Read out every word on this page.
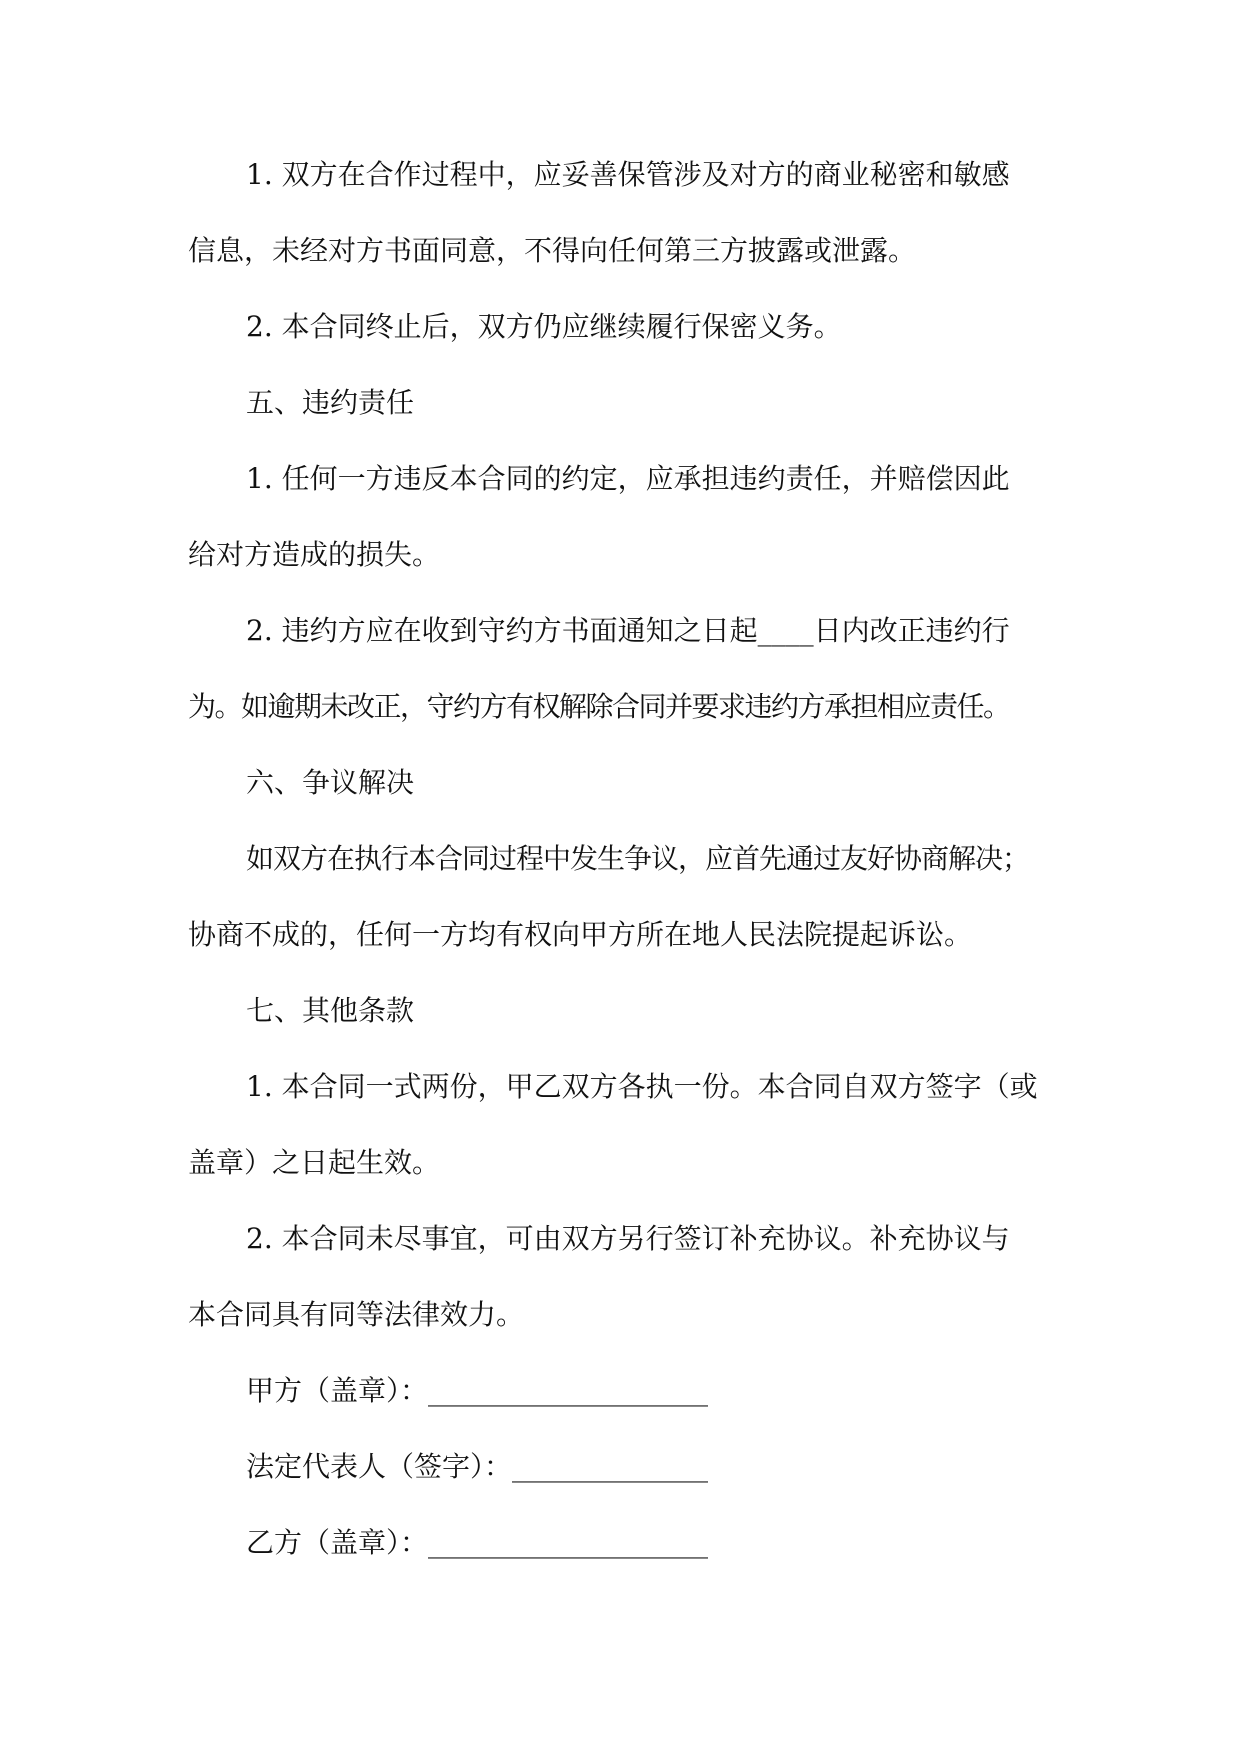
1. 双方在合作过程中，应妥善保管涉及对方的商业秘密和敏感

信息，未经对方书面同意，不得向任何第三方披露或泄露。

2. 本合同终止后，双方仍应继续履行保密义务。

五、违约责任

1. 任何一方违反本合同的约定，应承担违约责任，并赔偿因此

给对方造成的损失。

2. 违约方应在收到守约方书面通知之日起____日内改正违约行

为。如逾期未改正，守约方有权解除合同并要求违约方承担相应责任。

六、争议解决

如双方在执行本合同过程中发生争议，应首先通过友好协商解决；

协商不成的，任何一方均有权向甲方所在地人民法院提起诉讼。

七、其他条款

1. 本合同一式两份，甲乙双方各执一份。本合同自双方签字（或

盖章）之日起生效。

2. 本合同未尽事宜，可由双方另行签订补充协议。补充协议与

本合同具有同等法律效力。

甲方（盖章）：____________________

法定代表人（签字）：______________

乙方（盖章）：____________________
